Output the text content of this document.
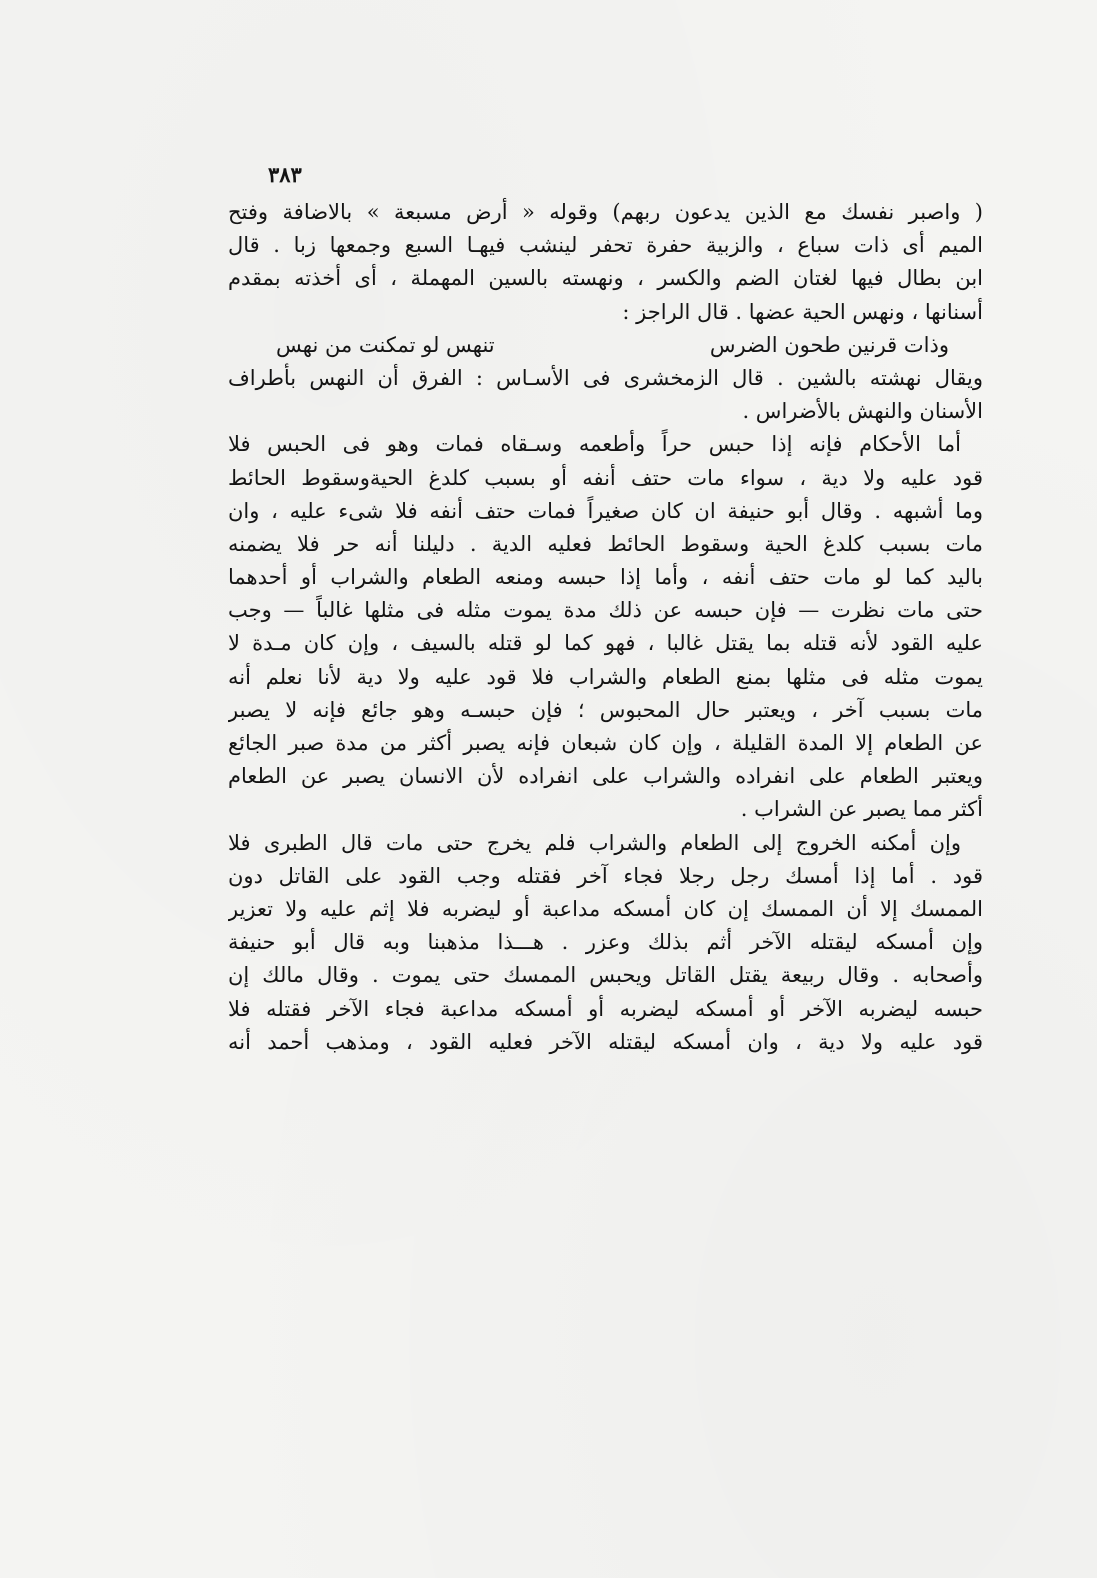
٣٨٣
( واصبر نفسك مع الذين يدعون ربهم) وقوله « أرض مسبعة » بالاضافة وفتح
الميم أى ذات سباع ، والزبية حفرة تحفر لينشب فيهـا السبع وجمعها زبا . قال
ابن بطال فيها لغتان الضم والكسر ، ونهسته بالسين المهملة ، أى أخذته بمقدم
أسنانها ، ونهس الحية عضها . قال الراجز :
وذات قرنين طحون الضرس
تنهس لو تمكنت من نهس
ويقال نهشته بالشين . قال الزمخشرى فى الأسـاس : الفرق أن النهس بأطراف
الأسنان والنهش بالأضراس .
أما الأحكام فإنه إذا حبس حراً وأطعمه وسـقاه فمات وهو فى الحبس فلا
قود عليه ولا دية ، سواء مات حتف أنفه أو بسبب كلدغ الحيةوسقوط الحائط
وما أشبهه . وقال أبو حنيفة ان كان صغيراً فمات حتف أنفه فلا شىء عليه ، وان
مات بسبب كلدغ الحية وسقوط الحائط فعليه الدية . دليلنا أنه حر فلا يضمنه
باليد كما لو مات حتف أنفه ، وأما إذا حبسه ومنعه الطعام والشراب أو أحدهما
حتى مات نظرت — فإن حبسه عن ذلك مدة يموت مثله فى مثلها غالباً — وجب
عليه القود لأنه قتله بما يقتل غالبا ، فهو كما لو قتله بالسيف ، وإن كان مـدة لا
يموت مثله فى مثلها بمنع الطعام والشراب فلا قود عليه ولا دية لأنا نعلم أنه
مات بسبب آخر ، ويعتبر حال المحبوس ؛ فإن حبسـه وهو جائع فإنه لا يصبر
عن الطعام إلا المدة القليلة ، وإن كان شبعان فإنه يصبر أكثر من مدة صبر الجائع
ويعتبر الطعام على انفراده والشراب على انفراده لأن الانسان يصبر عن الطعام
أكثر مما يصبر عن الشراب .
وإن أمكنه الخروج إلى الطعام والشراب فلم يخرج حتى مات قال الطبرى فلا
قود . أما إذا أمسك رجل رجلا فجاء آخر فقتله وجب القود على القاتل دون
الممسك إلا أن الممسك إن كان أمسكه مداعبة أو ليضربه فلا إثم عليه ولا تعزير
وإن أمسكه ليقتله الآخر أثم بذلك وعزر . هـــذا مذهبنا وبه قال أبو حنيفة
وأصحابه . وقال ربيعة يقتل القاتل ويحبس الممسك حتى يموت . وقال مالك إن
حبسه ليضربه الآخر أو أمسكه ليضربه أو أمسكه مداعبة فجاء الآخر فقتله فلا
قود عليه ولا دية ، وان أمسكه ليقتله الآخر فعليه القود ، ومذهب أحمد أنه
